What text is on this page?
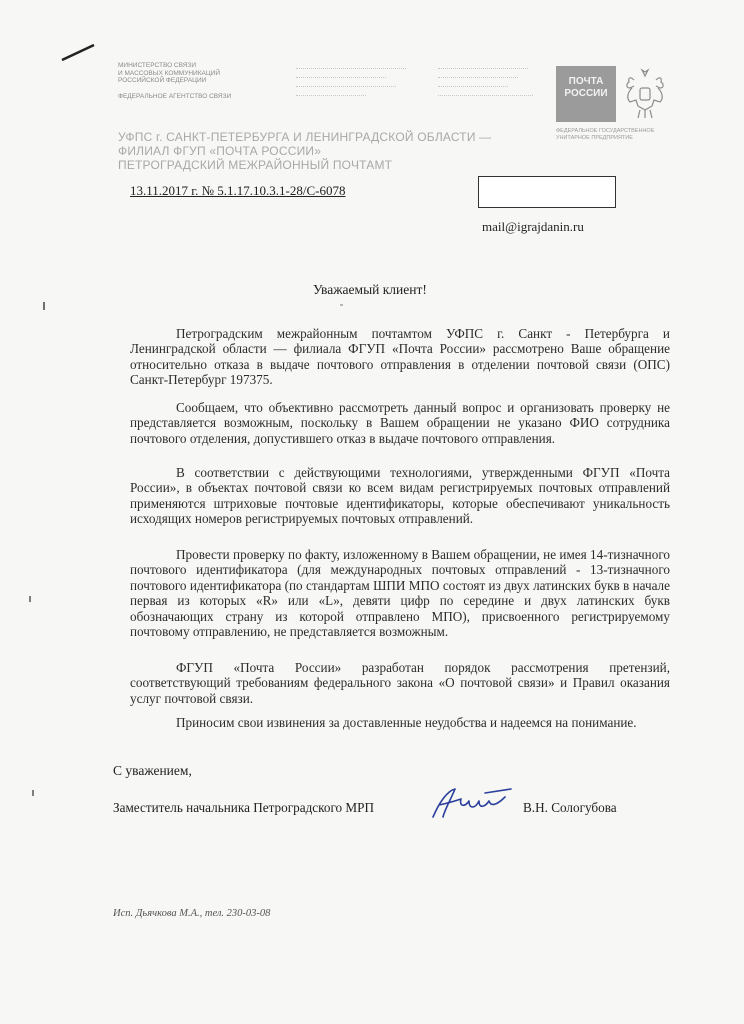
МИНИСТЕРСТВО СВЯЗИ
И МАССОВЫХ КОММУНИКАЦИЙ
РОССИЙСКОЙ ФЕДЕРАЦИИ
ФЕДЕРАЛЬНОЕ АГЕНТСТВО СВЯЗИ
ПОЧТА
РОССИИ
ФЕДЕРАЛЬНОЕ ГОСУДАРСТВЕННОЕ УНИТАРНОЕ ПРЕДПРИЯТИЕ
УФПС г. САНКТ-ПЕТЕРБУРГА И ЛЕНИНГРАДСКОЙ ОБЛАСТИ —
ФИЛИАЛ ФГУП «ПОЧТА РОССИИ»
ПЕТРОГРАДСКИЙ МЕЖРАЙОННЫЙ ПОЧТАМТ
13.11.2017 г. № 5.1.17.10.3.1-28/С-6078
mail@igrajdanin.ru
Уважаемый клиент!
Петроградским межрайонным почтамтом УФПС г. Санкт - Петербурга и Ленинградской области — филиала ФГУП «Почта России» рассмотрено Ваше обращение относительно отказа в выдаче почтового отправления в отделении почтовой связи (ОПС) Санкт-Петербург 197375.
Сообщаем, что объективно рассмотреть данный вопрос и организовать проверку не представляется возможным, поскольку в Вашем обращении не указано ФИО сотрудника почтового отделения, допустившего отказ в выдаче почтового отправления.
В соответствии с действующими технологиями, утвержденными ФГУП «Почта России», в объектах почтовой связи ко всем видам регистрируемых почтовых отправлений применяются штриховые почтовые идентификаторы, которые обеспечивают уникальность исходящих номеров регистрируемых почтовых отправлений.
Провести проверку по факту, изложенному в Вашем обращении, не имея 14-тизначного почтового идентификатора (для международных почтовых отправлений - 13-тизначного почтового идентификатора (по стандартам ШПИ МПО состоят из двух латинских букв в начале первая из которых «R» или «L», девяти цифр по середине и двух латинских букв обозначающих страну из которой отправлено МПО), присвоенного регистрируемому почтовому отправлению, не представляется возможным.
ФГУП «Почта России» разработан порядок рассмотрения претензий, соответствующий требованиям федерального закона «О почтовой связи» и Правил оказания услуг почтовой связи.
Приносим свои извинения за доставленные неудобства и надеемся на понимание.
С уважением,
Заместитель начальника Петроградского МРП	В.Н. Сологубова
Исп. Дьячкова М.А., тел. 230-03-08
